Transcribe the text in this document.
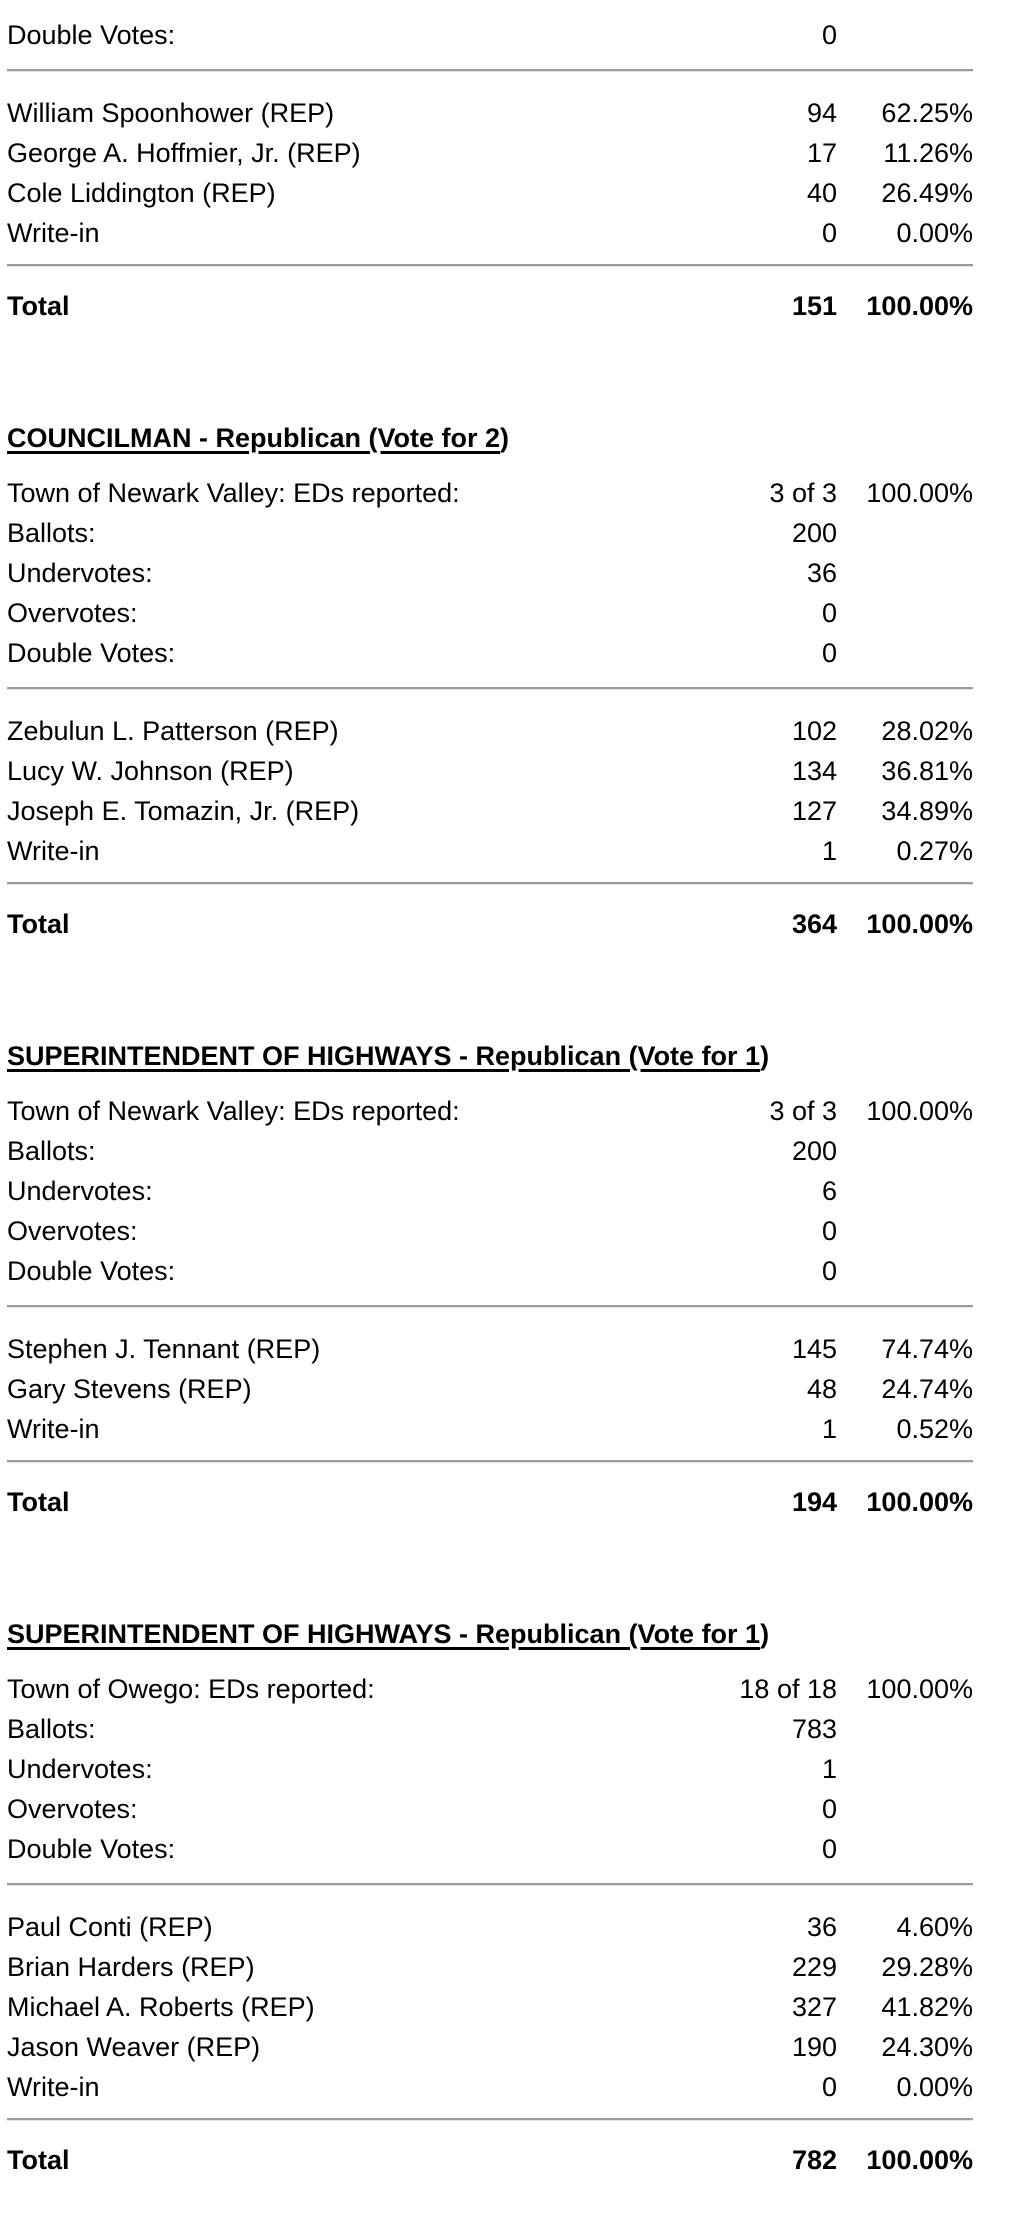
Double Votes:	0
William Spoonhower (REP)	94	62.25%
George A. Hoffmier, Jr. (REP)	17	11.26%
Cole Liddington (REP)	40	26.49%
Write-in	0	0.00%
Total	151	100.00%
COUNCILMAN - Republican (Vote for 2)
Town of Newark Valley: EDs reported:	3 of 3	100.00%
Ballots:	200
Undervotes:	36
Overvotes:	0
Double Votes:	0
Zebulun L. Patterson (REP)	102	28.02%
Lucy W. Johnson (REP)	134	36.81%
Joseph E. Tomazin, Jr. (REP)	127	34.89%
Write-in	1	0.27%
Total	364	100.00%
SUPERINTENDENT OF HIGHWAYS - Republican (Vote for 1)
Town of Newark Valley: EDs reported:	3 of 3	100.00%
Ballots:	200
Undervotes:	6
Overvotes:	0
Double Votes:	0
Stephen J. Tennant (REP)	145	74.74%
Gary Stevens (REP)	48	24.74%
Write-in	1	0.52%
Total	194	100.00%
SUPERINTENDENT OF HIGHWAYS - Republican (Vote for 1)
Town of Owego: EDs reported:	18 of 18	100.00%
Ballots:	783
Undervotes:	1
Overvotes:	0
Double Votes:	0
Paul Conti (REP)	36	4.60%
Brian Harders (REP)	229	29.28%
Michael A. Roberts (REP)	327	41.82%
Jason Weaver (REP)	190	24.30%
Write-in	0	0.00%
Total	782	100.00%
